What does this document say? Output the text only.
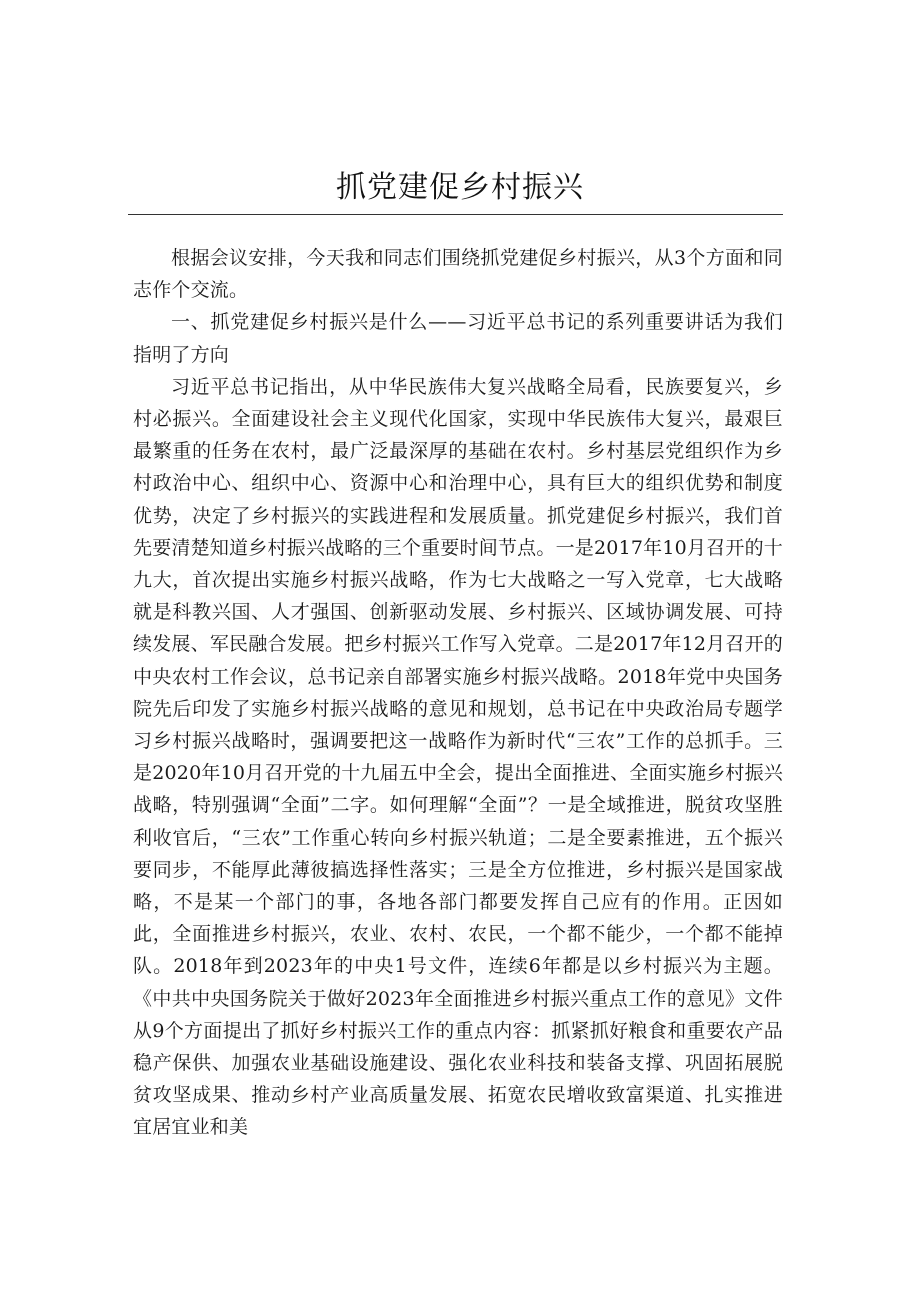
抓党建促乡村振兴

根据会议安排，今天我和同志们围绕抓党建促乡村振兴，从3个方面和同志作个交流。

一、抓党建促乡村振兴是什么——习近平总书记的系列重要讲话为我们指明了方向

习近平总书记指出，从中华民族伟大复兴战略全局看，民族要复兴，乡村必振兴。全面建设社会主义现代化国家，实现中华民族伟大复兴，最艰巨最繁重的任务在农村，最广泛最深厚的基础在农村。乡村基层党组织作为乡村政治中心、组织中心、资源中心和治理中心，具有巨大的组织优势和制度优势，决定了乡村振兴的实践进程和发展质量。抓党建促乡村振兴，我们首先要清楚知道乡村振兴战略的三个重要时间节点。一是2017年10月召开的十九大，首次提出实施乡村振兴战略，作为七大战略之一写入党章，七大战略就是科教兴国、人才强国、创新驱动发展、乡村振兴、区域协调发展、可持续发展、军民融合发展。把乡村振兴工作写入党章。二是2017年12月召开的中央农村工作会议，总书记亲自部署实施乡村振兴战略。2018年党中央国务院先后印发了实施乡村振兴战略的意见和规划，总书记在中央政治局专题学习乡村振兴战略时，强调要把这一战略作为新时代“三农”工作的总抓手。三是2020年10月召开党的十九届五中全会，提出全面推进、全面实施乡村振兴战略，特别强调“全面”二字。如何理解“全面”？一是全域推进，脱贫攻坚胜利收官后，“三农”工作重心转向乡村振兴轨道；二是全要素推进，五个振兴要同步，不能厚此薄彼搞选择性落实；三是全方位推进，乡村振兴是国家战略，不是某一个部门的事，各地各部门都要发挥自己应有的作用。正因如此，全面推进乡村振兴，农业、农村、农民，一个都不能少，一个都不能掉队。2018年到2023年的中央1号文件，连续6年都是以乡村振兴为主题。《中共中央国务院关于做好2023年全面推进乡村振兴重点工作的意见》文件从9个方面提出了抓好乡村振兴工作的重点内容：抓紧抓好粮食和重要农产品稳产保供、加强农业基础设施建设、强化农业科技和装备支撑、巩固拓展脱贫攻坚成果、推动乡村产业高质量发展、拓宽农民增收致富渠道、扎实推进宜居宜业和美
